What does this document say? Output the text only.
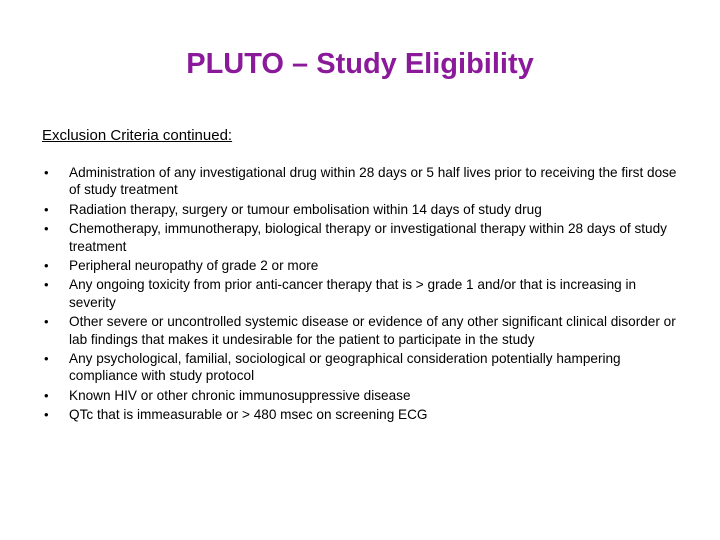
PLUTO – Study Eligibility
Exclusion Criteria continued:
• Administration of any investigational drug within 28 days or 5 half lives prior to receiving the first dose of study treatment
• Radiation therapy, surgery or tumour embolisation within 14 days of study drug
• Chemotherapy, immunotherapy, biological therapy or investigational therapy within 28 days of study treatment
• Peripheral neuropathy of grade 2 or more
• Any ongoing toxicity from prior anti-cancer therapy that is > grade 1 and/or that is increasing in severity
• Other severe or uncontrolled systemic disease or evidence of any other significant clinical disorder or lab findings that makes it undesirable for the patient to participate in the study
• Any psychological, familial, sociological or geographical consideration potentially hampering compliance with study protocol
• Known HIV or other chronic immunosuppressive disease
• QTc that is immeasurable or > 480 msec on screening ECG
